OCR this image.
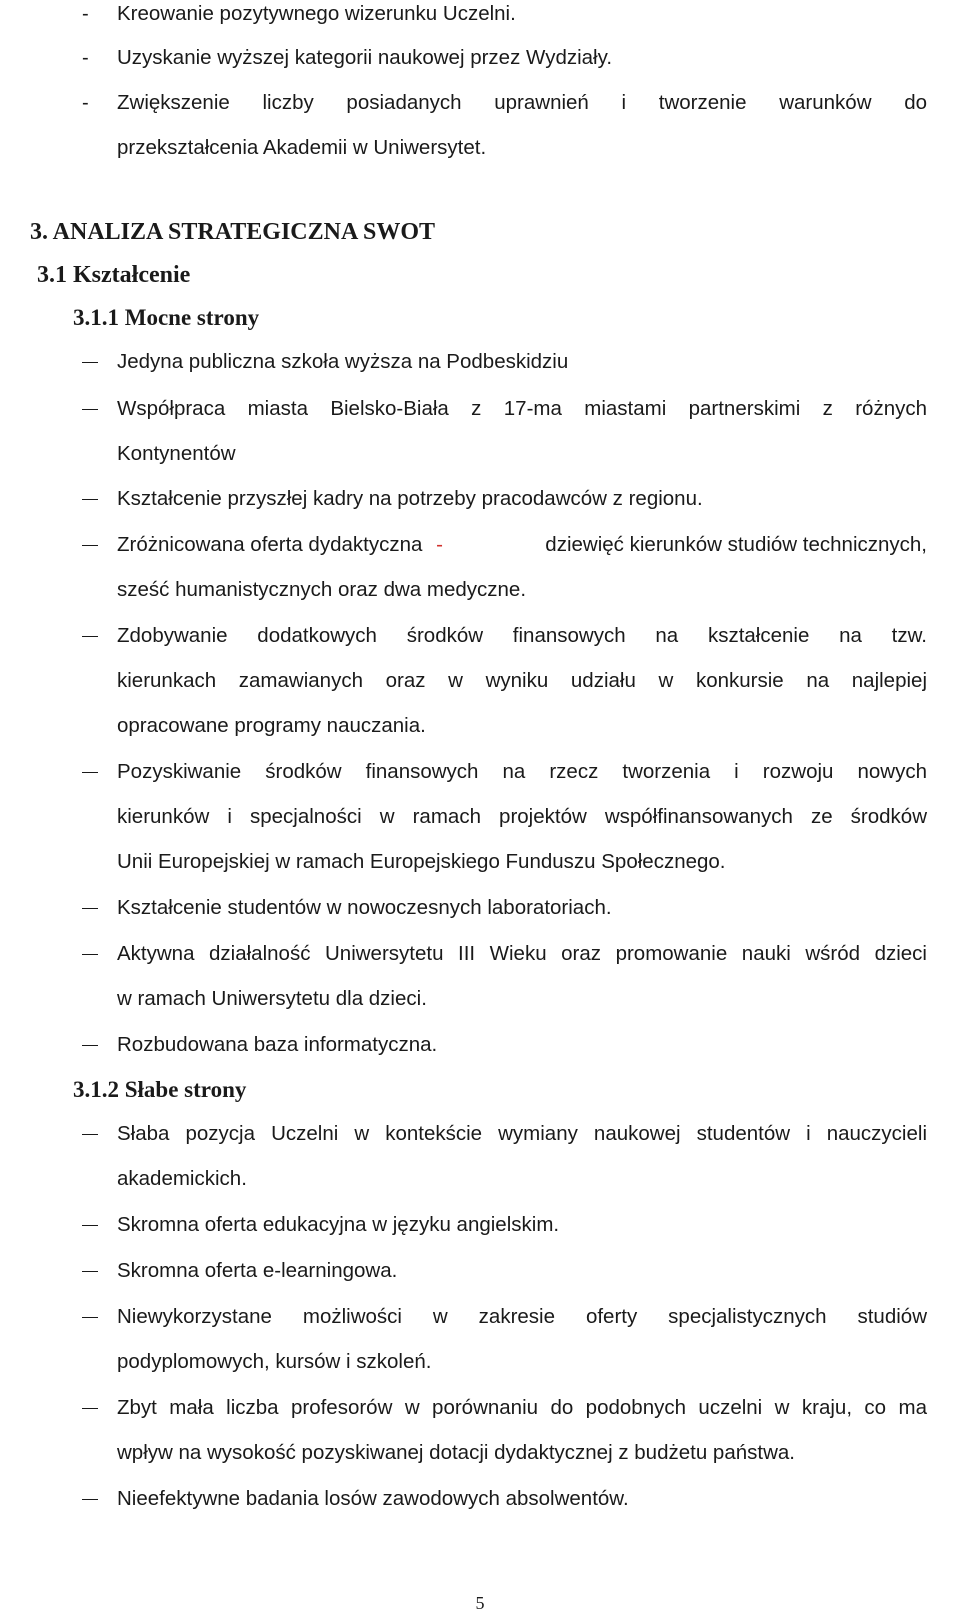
-	Kreowanie pozytywnego wizerunku Uczelni.
-	Uzyskanie wyższej kategorii naukowej przez Wydziały.
-	Zwiększenie liczby posiadanych uprawnień i tworzenie warunków do
przekształcenia Akademii w Uniwersytet.
3. ANALIZA STRATEGICZNA SWOT
3.1 Kształcenie
3.1.1 Mocne strony
Jedyna publiczna szkoła wyższa na Podbeskidziu
Współpraca miasta Bielsko-Biała z 17-ma miastami partnerskimi z różnych
Kontynentów
Kształcenie przyszłej kadry na potrzeby pracodawców z regionu.
Zróżnicowana oferta dydaktyczna -	dziewięć kierunków studiów technicznych,
sześć humanistycznych oraz dwa medyczne.
Zdobywanie dodatkowych środków finansowych na kształcenie na tzw.
kierunkach zamawianych oraz w wyniku udziału w konkursie na najlepiej
opracowane programy nauczania.
Pozyskiwanie środków finansowych na rzecz tworzenia i rozwoju nowych
kierunków i specjalności w ramach projektów współfinansowanych ze środków
Unii Europejskiej w ramach Europejskiego Funduszu Społecznego.
Kształcenie studentów w nowoczesnych laboratoriach.
Aktywna działalność Uniwersytetu III Wieku oraz promowanie nauki wśród dzieci
w ramach Uniwersytetu dla dzieci.
Rozbudowana baza informatyczna.
3.1.2 Słabe strony
Słaba pozycja Uczelni w kontekście wymiany naukowej studentów i nauczycieli
akademickich.
Skromna oferta edukacyjna w języku angielskim.
Skromna oferta e-learningowa.
Niewykorzystane możliwości w zakresie oferty specjalistycznych studiów
podyplomowych, kursów i szkoleń.
Zbyt mała liczba profesorów w porównaniu do podobnych uczelni w kraju, co ma
wpływ na wysokość pozyskiwanej dotacji dydaktycznej z budżetu państwa.
Nieefektywne badania losów zawodowych absolwentów.
5
